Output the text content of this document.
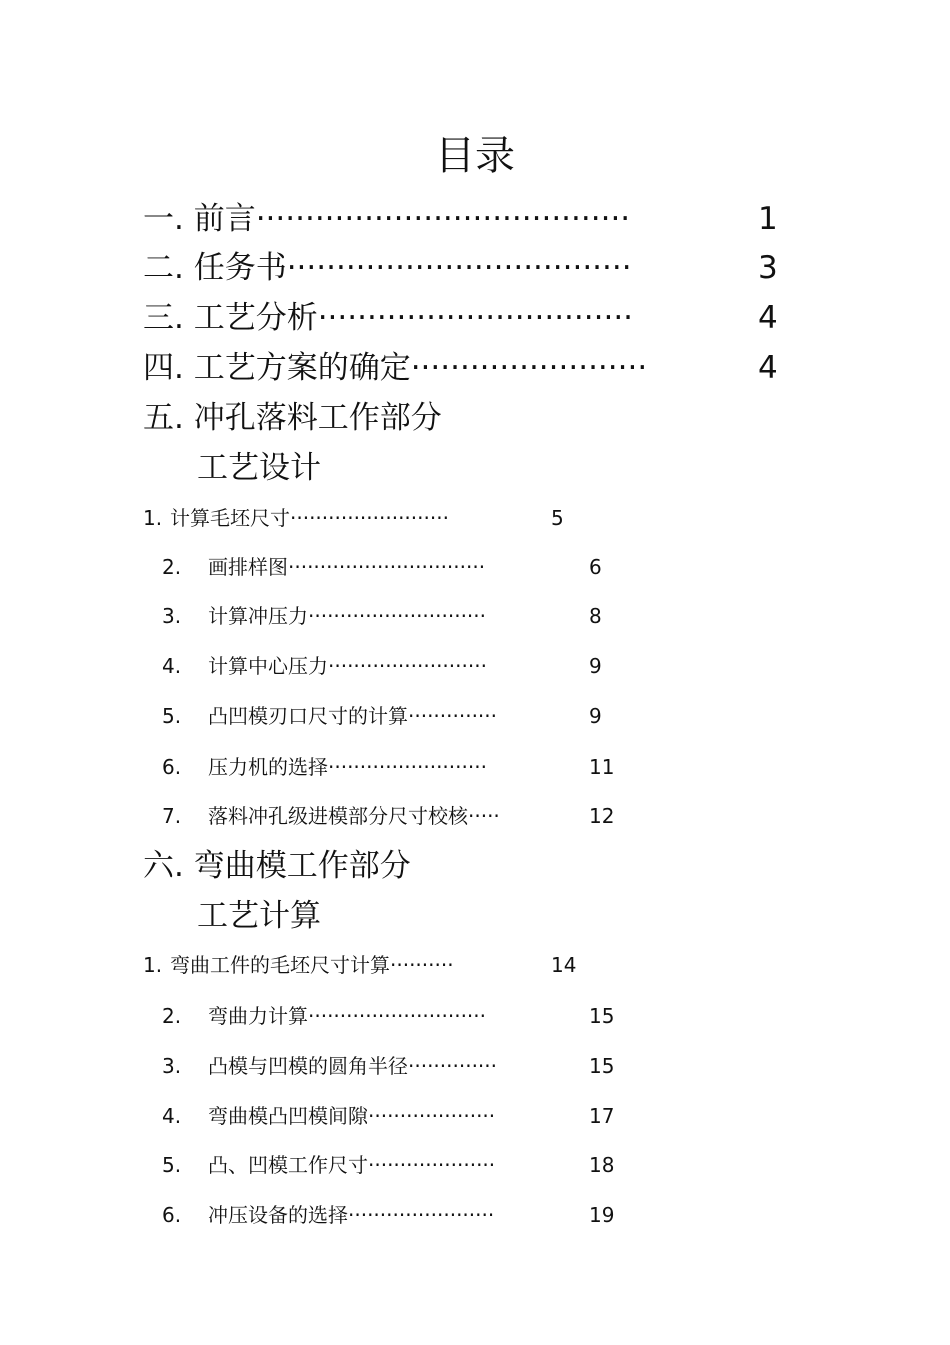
目录
一. 前言······································	1
二. 任务书···································	3
三. 工艺分析································	4
四. 工艺方案的确定························	4
五. 冲孔落料工作部分
工艺设计
1. 计算毛坯尺寸·························	5
2. 画排样图·······························	6
3. 计算冲压力····························	8
4. 计算中心压力·························	9
5. 凸凹模刃口尺寸的计算··············	9
6. 压力机的选择·························	11
7. 落料冲孔级进模部分尺寸校核·····	12
六. 弯曲模工作部分
工艺计算
1. 弯曲工件的毛坯尺寸计算··········	14
2. 弯曲力计算····························	15
3. 凸模与凹模的圆角半径··············	15
4. 弯曲模凸凹模间隙····················	17
5. 凸、凹模工作尺寸····················	18
6. 冲压设备的选择·······················	19
